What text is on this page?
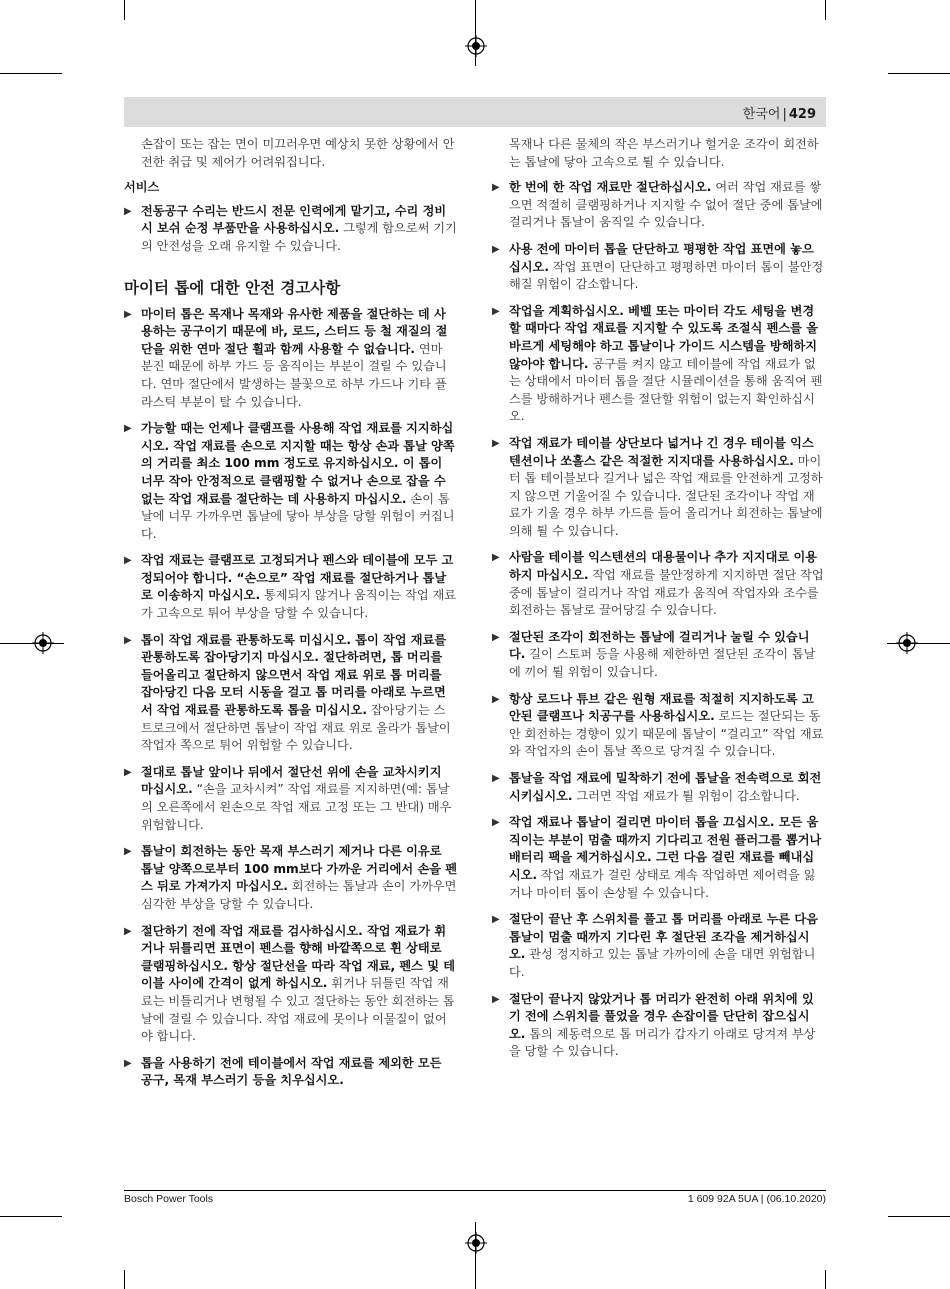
한국어 | 429
손잡이 또는 잡는 면이 미끄러우면 예상치 못한 상황에서 안전한 취급 및 제어가 어려워집니다.
서비스
▶ 전동공구 수리는 반드시 전문 인력에게 맡기고, 수리 정비 시 보쉬 순정 부품만을 사용하십시오. 그렇게 함으로써 기기의 안전성을 오래 유지할 수 있습니다.
마이터 톱에 대한 안전 경고사항
▶ 마이터 톱은 목재나 목재와 유사한 제품을 절단하는 데 사용하는 공구이기 때문에 바, 로드, 스터드 등 철 재질의 절단을 위한 연마 절단 휠과 함께 사용할 수 없습니다. 연마 분진 때문에 하부 가드 등 움직이는 부분이 걸릴 수 있습니다. 연마 절단에서 발생하는 불꽃으로 하부 가드나 기타 플라스틱 부분이 탈 수 있습니다.
▶ 가능할 때는 언제나 클램프를 사용해 작업 재료를 지지하십시오. 작업 재료를 손으로 지지할 때는 항상 손과 톱날 양쪽의 거리를 최소 100 mm 정도로 유지하십시오. 이 톱이 너무 작아 안정적으로 클램핑할 수 없거나 손으로 잡을 수 없는 작업 재료를 절단하는 데 사용하지 마십시오. 손이 톱날에 너무 가까우면 톱날에 닿아 부상을 당할 위험이 커집니다.
▶ 작업 재료는 클램프로 고정되거나 펜스와 테이블에 모두 고정되어야 합니다. “손으로” 작업 재료를 절단하거나 톱날로 이송하지 마십시오. 통제되지 않거나 움직이는 작업 재료가 고속으로 튀어 부상을 당할 수 있습니다.
▶ 톱이 작업 재료를 관통하도록 미십시오. 톱이 작업 재료를 관통하도록 잡아당기지 마십시오. 절단하려면, 톱 머리를 들어올리고 절단하지 않으면서 작업 재료 위로 톱 머리를 잡아당긴 다음 모터 시동을 걸고 톱 머리를 아래로 누르면서 작업 재료를 관통하도록 톱을 미십시오. 잡아당기는 스트로크에서 절단하면 톱날이 작업 재료 위로 올라가 톱날이 작업자 쪽으로 튀어 위험할 수 있습니다.
▶ 절대로 톱날 앞이나 뒤에서 절단선 위에 손을 교차시키지 마십시오. “손을 교차시켜” 작업 재료를 지지하면(예: 톱날의 오른쪽에서 왼손으로 작업 재료 고정 또는 그 반대) 매우 위험합니다.
▶ 톱날이 회전하는 동안 목재 부스러기 제거나 다른 이유로 톱날 양쪽으로부터 100 mm보다 가까운 거리에서 손을 펜스 뒤로 가져가지 마십시오. 회전하는 톱날과 손이 가까우면 심각한 부상을 당할 수 있습니다.
▶ 절단하기 전에 작업 재료를 검사하십시오. 작업 재료가 휘거나 뒤틀리면 표면이 펜스를 향해 바깥쪽으로 휜 상태로 클램핑하십시오. 항상 절단선을 따라 작업 재료, 펜스 및 테이블 사이에 간격이 없게 하십시오. 휘거나 뒤틀린 작업 재료는 비틀리거나 변형될 수 있고 절단하는 동안 회전하는 톱날에 걸릴 수 있습니다. 작업 재료에 못이나 이물질이 없어야 합니다.
▶ 톱을 사용하기 전에 테이블에서 작업 재료를 제외한 모든 공구, 목재 부스러기 등을 치우십시오.
목재나 다른 물체의 작은 부스러기나 헐거운 조각이 회전하는 톱날에 닿아 고속으로 튈 수 있습니다.
▶ 한 번에 한 작업 재료만 절단하십시오. 여러 작업 재료를 쌓으면 적절히 클램핑하거나 지지할 수 없어 절단 중에 톱날에 걸리거나 톱날이 움직일 수 있습니다.
▶ 사용 전에 마이터 톱을 단단하고 평평한 작업 표면에 놓으십시오. 작업 표면이 단단하고 평평하면 마이터 톱이 불안정해질 위험이 감소합니다.
▶ 작업을 계획하십시오. 베벨 또는 마이터 각도 세팅을 변경할 때마다 작업 재료를 지지할 수 있도록 조절식 펜스를 올바르게 세팅해야 하고 톱날이나 가이드 시스템을 방해하지 않아야 합니다. 공구를 켜지 않고 테이블에 작업 재료가 없는 상태에서 마이터 톱을 절단 시뮬레이션을 통해 움직여 펜스를 방해하거나 펜스를 절단할 위험이 없는지 확인하십시오.
▶ 작업 재료가 테이블 상단보다 넓거나 긴 경우 테이블 익스텐션이나 쏘홀스 같은 적절한 지지대를 사용하십시오. 마이터 톱 테이블보다 길거나 넓은 작업 재료를 안전하게 고정하지 않으면 기울어질 수 있습니다. 절단된 조각이나 작업 재료가 기울 경우 하부 가드를 들어 올리거나 회전하는 톱날에 의해 튈 수 있습니다.
▶ 사람을 테이블 익스텐션의 대용물이나 추가 지지대로 이용하지 마십시오. 작업 재료를 불안정하게 지지하면 절단 작업 중에 톱날이 걸리거나 작업 재료가 움직여 작업자와 조수를 회전하는 톱날로 끌어당길 수 있습니다.
▶ 절단된 조각이 회전하는 톱날에 걸리거나 눌릴 수 있습니다. 길이 스토퍼 등을 사용해 제한하면 절단된 조각이 톱날에 끼어 튈 위험이 있습니다.
▶ 항상 로드나 튜브 같은 원형 재료를 적절히 지지하도록 고안된 클램프나 치공구를 사용하십시오. 로드는 절단되는 동안 회전하는 경향이 있기 때문에 톱날이 “걸리고” 작업 재료와 작업자의 손이 톱날 쪽으로 당겨질 수 있습니다.
▶ 톱날을 작업 재료에 밀착하기 전에 톱날을 전속력으로 회전시키십시오. 그러면 작업 재료가 튈 위험이 감소합니다.
▶ 작업 재료나 톱날이 걸리면 마이터 톱을 끄십시오. 모든 움직이는 부분이 멈출 때까지 기다리고 전원 플러그를 뽑거나 배터리 팩을 제거하십시오. 그런 다음 걸린 재료를 빼내십시오. 작업 재료가 걸린 상태로 계속 작업하면 제어력을 잃거나 마이터 톱이 손상될 수 있습니다.
▶ 절단이 끝난 후 스위치를 풀고 톱 머리를 아래로 누른 다음 톱날이 멈출 때까지 기다린 후 절단된 조각을 제거하십시오. 관성 정지하고 있는 톱날 가까이에 손을 대면 위험합니다.
▶ 절단이 끝나지 않았거나 톱 머리가 완전히 아래 위치에 있기 전에 스위치를 풀었을 경우 손잡이를 단단히 잡으십시오. 톱의 제동력으로 톱 머리가 갑자기 아래로 당겨져 부상을 당할 수 있습니다.
Bosch Power Tools	1 609 92A 5UA | (06.10.2020)
